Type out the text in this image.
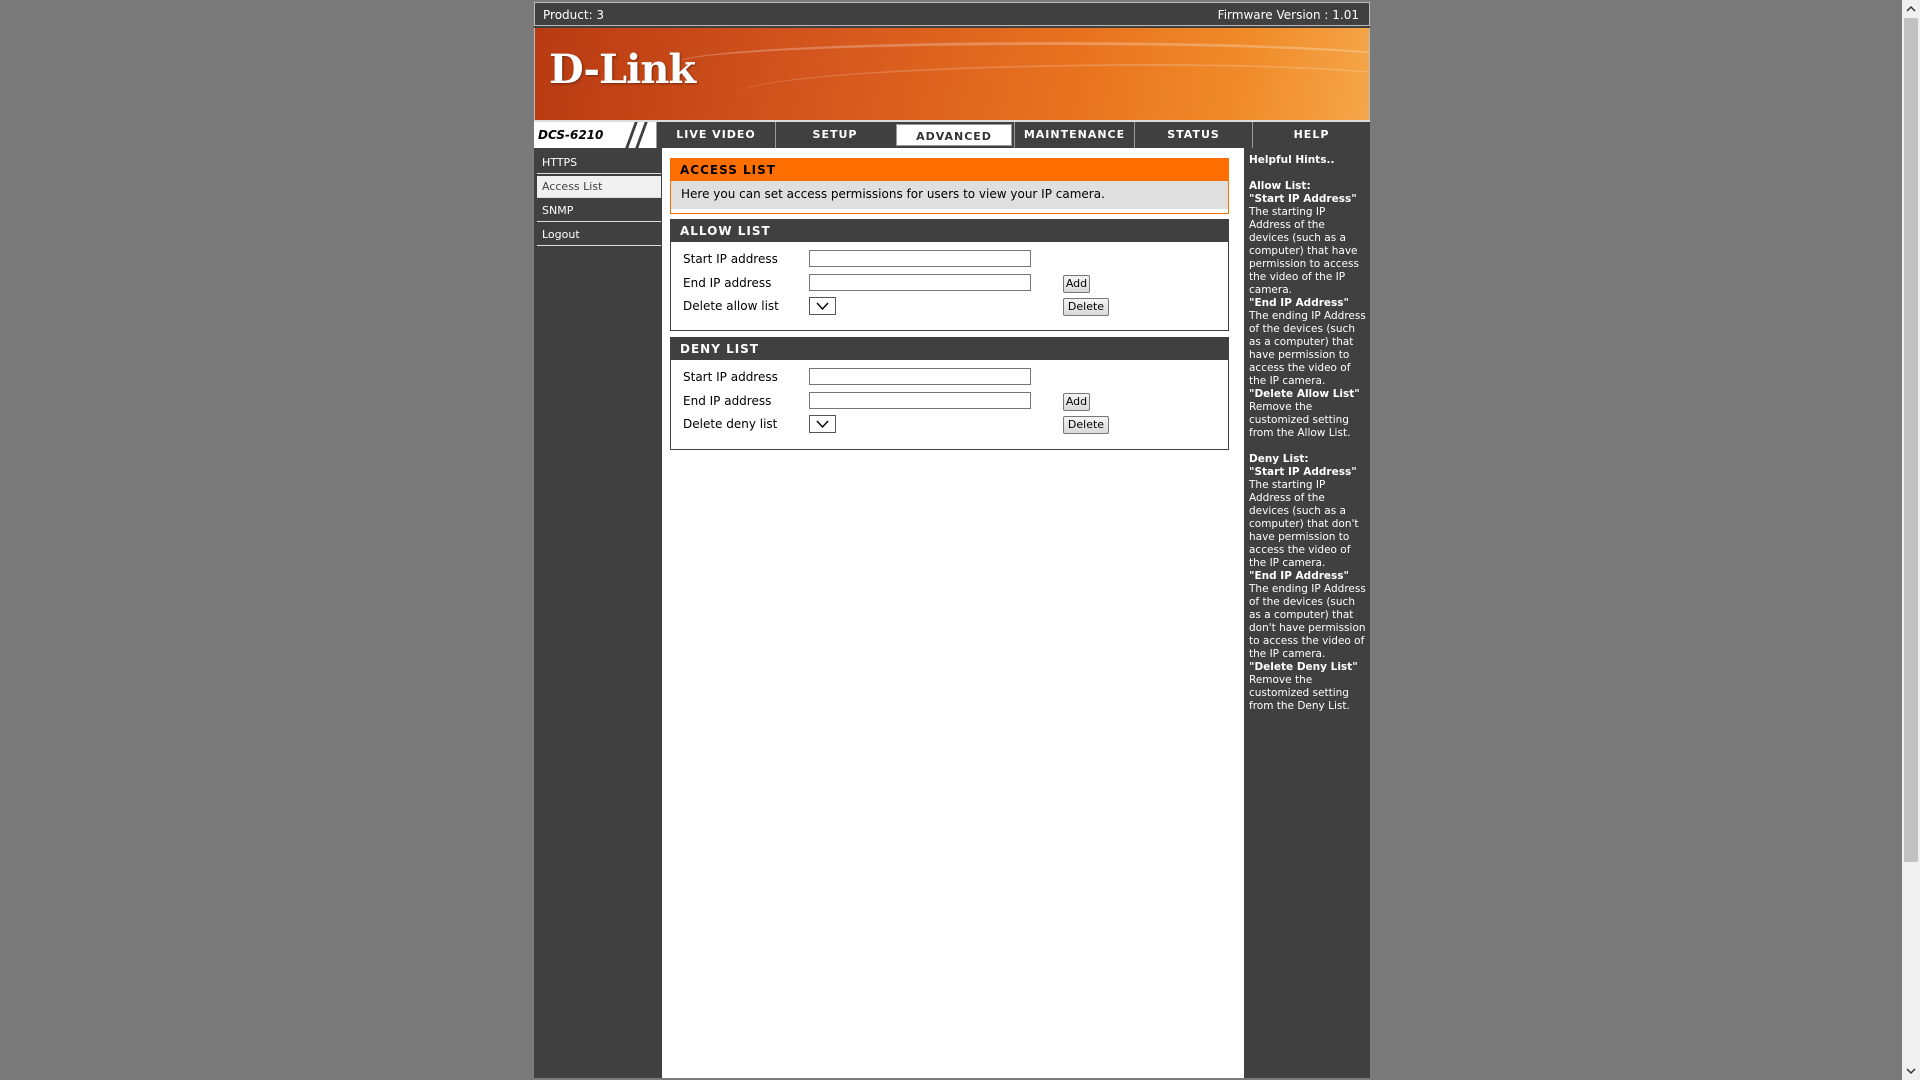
Product: 3	Firmware Version : 1.01
D-Link
DCS-6210	LIVE VIDEO	SETUP	ADVANCED	MAINTENANCE	STATUS	HELP
HTTPS
Access List
SNMP
Logout
ACCESS LIST
Here you can set access permissions for users to view your IP camera.
ALLOW LIST
Start IP address
End IP address	Add
Delete allow list	Delete
DENY LIST
Start IP address
End IP address	Add
Delete deny list	Delete

Helpful Hints..

Allow List:

"Start IP Address"

The starting IP Address of the devices (such as a computer) that have permission to access the video of the IP camera.

"End IP Address"

The ending IP Address of the devices (such as a computer) that have permission to access the video of the IP camera.

"Delete Allow List"

Remove the customized setting from the Allow List.

Deny List:

"Start IP Address"

The starting IP Address of the devices (such as a computer) that don't have permission to access the video of the IP camera.

"End IP Address"

The ending IP Address of the devices (such as a computer) that don't have permission to access the video of the IP camera.

"Delete Deny List"

Remove the customized setting from the Deny List.
